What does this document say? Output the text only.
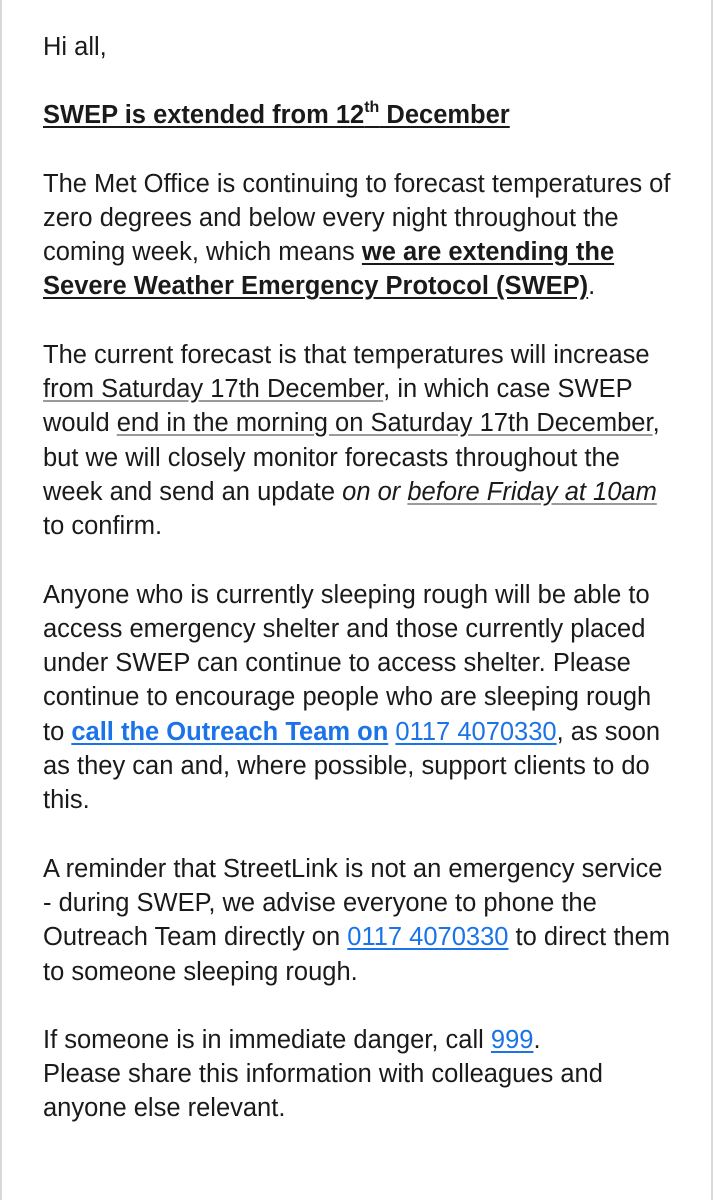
Hi all,

SWEP is extended from 12th December

The Met Office is continuing to forecast temperatures of zero degrees and below every night throughout the coming week, which means we are extending the Severe Weather Emergency Protocol (SWEP).

The current forecast is that temperatures will increase from Saturday 17th December, in which case SWEP would end in the morning on Saturday 17th December, but we will closely monitor forecasts throughout the week and send an update on or before Friday at 10am to confirm.

Anyone who is currently sleeping rough will be able to access emergency shelter and those currently placed under SWEP can continue to access shelter. Please continue to encourage people who are sleeping rough to call the Outreach Team on 0117 4070330, as soon as they can and, where possible, support clients to do this.

A reminder that StreetLink is not an emergency service - during SWEP, we advise everyone to phone the Outreach Team directly on 0117 4070330 to direct them to someone sleeping rough.

If someone is in immediate danger, call 999.
Please share this information with colleagues and anyone else relevant.
